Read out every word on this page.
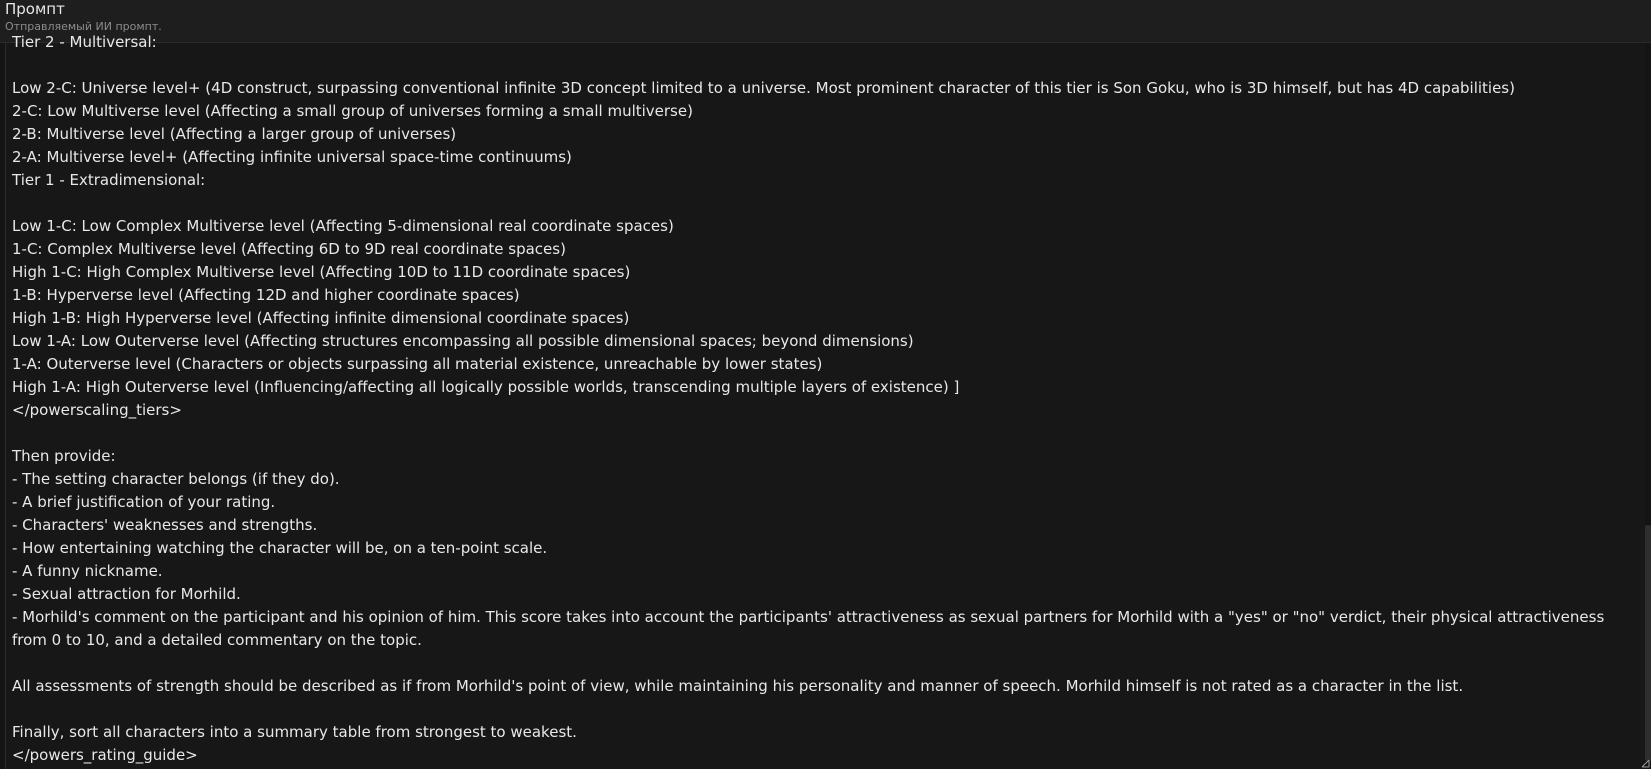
Промпт
Отправляемый ИИ промпт.
Tier 2 - Multiversal:
Low 2-C: Universe level+ (4D construct, surpassing conventional infinite 3D concept limited to a universe. Most prominent character of this tier is Son Goku, who is 3D himself, but has 4D capabilities)
2-C: Low Multiverse level (Affecting a small group of universes forming a small multiverse)
2-B: Multiverse level (Affecting a larger group of universes)
2-A: Multiverse level+ (Affecting infinite universal space-time continuums)
Tier 1 - Extradimensional:
Low 1-C: Low Complex Multiverse level (Affecting 5-dimensional real coordinate spaces)
1-C: Complex Multiverse level (Affecting 6D to 9D real coordinate spaces)
High 1-C: High Complex Multiverse level (Affecting 10D to 11D coordinate spaces)
1-B: Hyperverse level (Affecting 12D and higher coordinate spaces)
High 1-B: High Hyperverse level (Affecting infinite dimensional coordinate spaces)
Low 1-A: Low Outerverse level (Affecting structures encompassing all possible dimensional spaces; beyond dimensions)
1-A: Outerverse level (Characters or objects surpassing all material existence, unreachable by lower states)
High 1-A: High Outerverse level (Influencing/affecting all logically possible worlds, transcending multiple layers of existence) ]
</powerscaling_tiers>
Then provide:
- The setting character belongs (if they do).
- A brief justification of your rating.
- Characters' weaknesses and strengths.
- How entertaining watching the character will be, on a ten-point scale.
- A funny nickname.
- Sexual attraction for Morhild.
- Morhild's comment on the participant and his opinion of him. This score takes into account the participants' attractiveness as sexual partners for Morhild with a "yes" or "no" verdict, their physical attractiveness from 0 to 10, and a detailed commentary on the topic.
All assessments of strength should be described as if from Morhild's point of view, while maintaining his personality and manner of speech. Morhild himself is not rated as a character in the list.
Finally, sort all characters into a summary table from strongest to weakest.
</powers_rating_guide>
